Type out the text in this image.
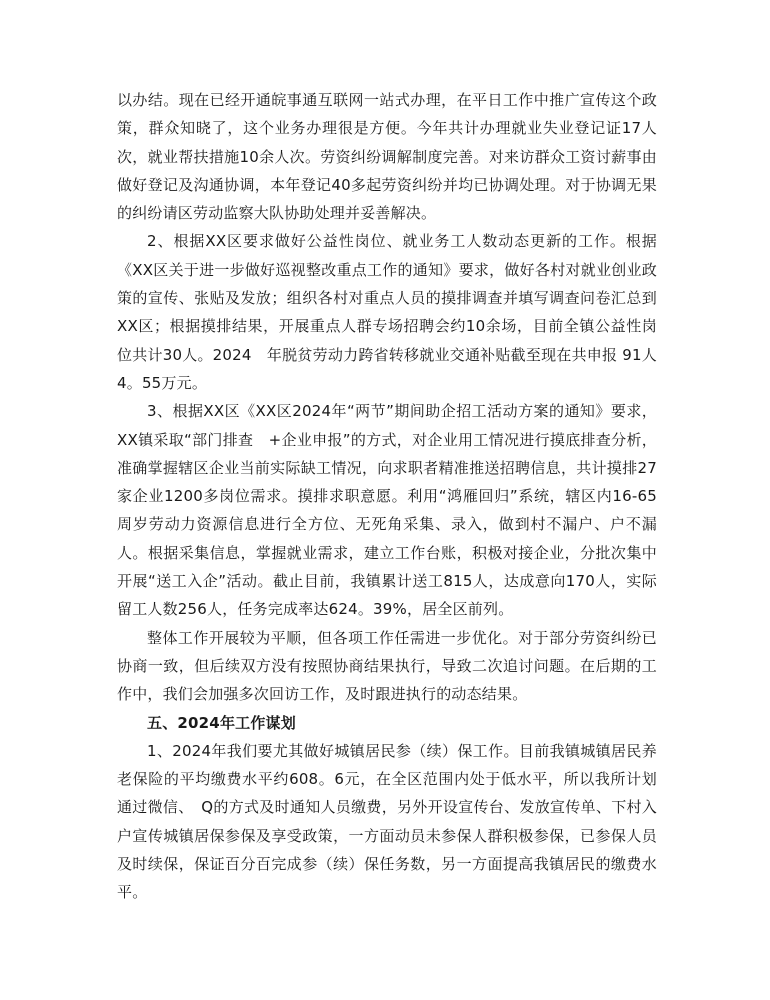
以办结。现在已经开通皖事通互联网一站式办理，在平日工作中推广宣传这个政策，群众知晓了，这个业务办理很是方便。今年共计办理就业失业登记证17人次，就业帮扶措施10余人次。劳资纠纷调解制度完善。对来访群众工资讨薪事由做好登记及沟通协调，本年登记40多起劳资纠纷并均已协调处理。对于协调无果的纠纷请区劳动监察大队协助处理并妥善解决。

2、根据XX区要求做好公益性岗位、就业务工人数动态更新的工作。根据《XX区关于进一步做好巡视整改重点工作的通知》要求，做好各村对就业创业政策的宣传、张贴及发放；组织各村对重点人员的摸排调查并填写调查问卷汇总到XX区；根据摸排结果，开展重点人群专场招聘会约10余场，目前全镇公益性岗位共计30人。2024　年脱贫劳动力跨省转移就业交通补贴截至现在共申报 91人 4。55万元。

3、根据XX区《XX区2024年“两节”期间助企招工活动方案的通知》要求，XX镇采取“部门排查　+企业申报”的方式，对企业用工情况进行摸底排查分析，准确掌握辖区企业当前实际缺工情况，向求职者精准推送招聘信息，共计摸排27家企业1200多岗位需求。摸排求职意愿。利用“鸿雁回归”系统，辖区内16-65周岁劳动力资源信息进行全方位、无死角采集、录入，做到村不漏户、户不漏人。根据采集信息，掌握就业需求，建立工作台账，积极对接企业，分批次集中开展“送工入企”活动。截止目前，我镇累计送工815人，达成意向170人，实际留工人数256人，任务完成率达624。39%，居全区前列。

整体工作开展较为平顺，但各项工作任需进一步优化。对于部分劳资纠纷已协商一致，但后续双方没有按照协商结果执行，导致二次追讨问题。在后期的工作中，我们会加强多次回访工作，及时跟进执行的动态结果。

五、2024年工作谋划

1、2024年我们要尤其做好城镇居民参（续）保工作。目前我镇城镇居民养老保险的平均缴费水平约608。6元，在全区范围内处于低水平，所以我所计划通过微信、　Q的方式及时通知人员缴费，另外开设宣传台、发放宣传单、下村入户宣传城镇居保参保及享受政策，一方面动员未参保人群积极参保，已参保人员及时续保，保证百分百完成参（续）保任务数，另一方面提高我镇居民的缴费水平。
